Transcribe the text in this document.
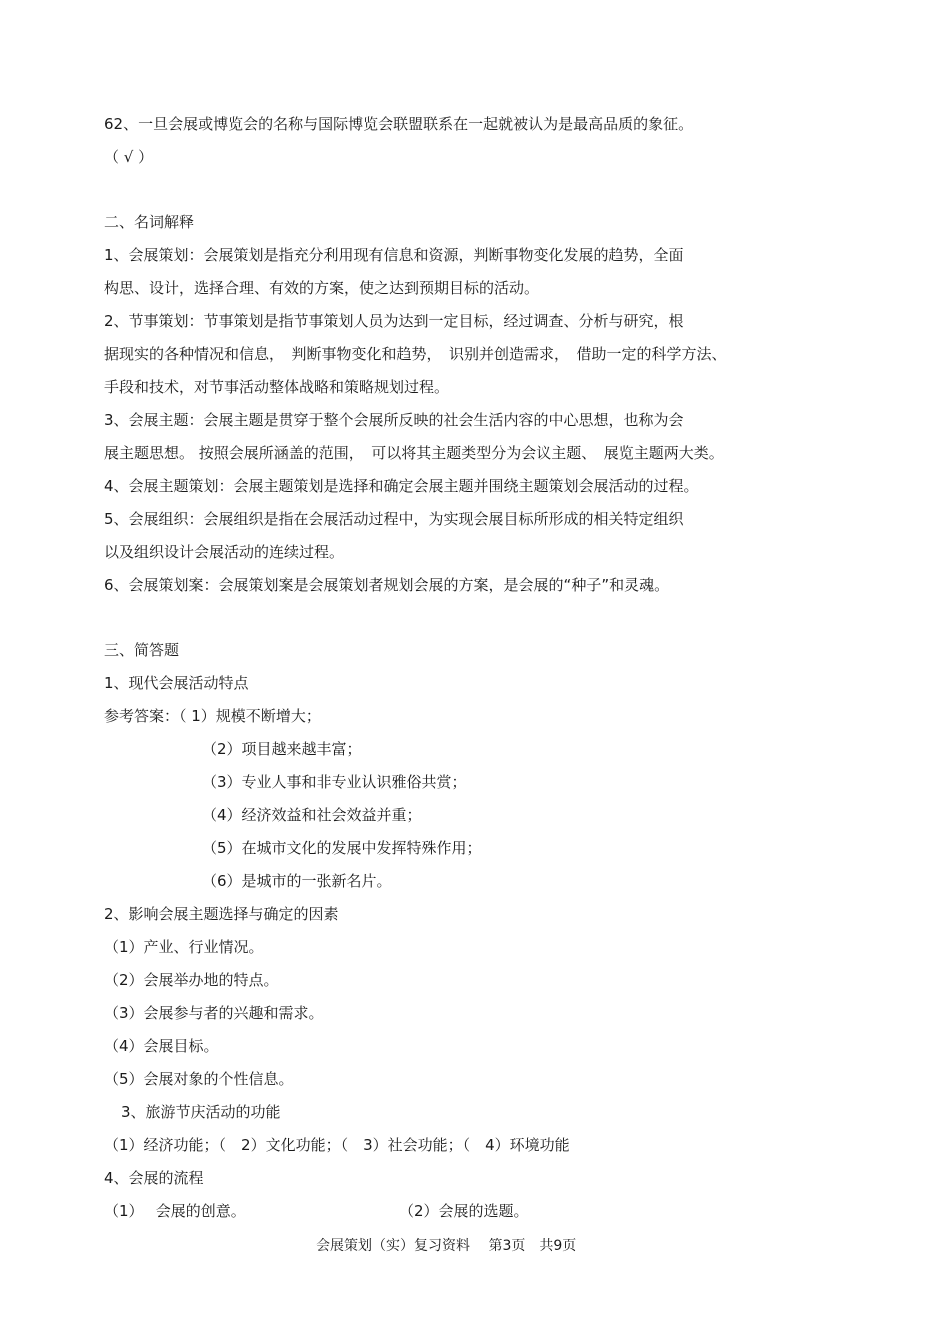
62、一旦会展或博览会的名称与国际博览会联盟联系在一起就被认为是最高品质的象征。
（ √ ）
二、名词解释
1、会展策划：会展策划是指充分利用现有信息和资源，判断事物变化发展的趋势，全面
构思、设计，选择合理、有效的方案，使之达到预期目标的活动。
2、节事策划：节事策划是指节事策划人员为达到一定目标，经过调查、分析与研究，根
据现实的各种情况和信息，　判断事物变化和趋势，　识别并创造需求，　借助一定的科学方法、
手段和技术，对节事活动整体战略和策略规划过程。
3、会展主题：会展主题是贯穿于整个会展所反映的社会生活内容的中心思想，也称为会
展主题思想。 按照会展所涵盖的范围，　可以将其主题类型分为会议主题、　展览主题两大类。
4、会展主题策划：会展主题策划是选择和确定会展主题并围绕主题策划会展活动的过程。
5、会展组织：会展组织是指在会展活动过程中，为实现会展目标所形成的相关特定组织
以及组织设计会展活动的连续过程。
6、会展策划案：会展策划案是会展策划者规划会展的方案，是会展的“种子”和灵魂。
三、简答题
1、现代会展活动特点
参考答案：（ 1）规模不断增大；
（2）项目越来越丰富；
（3）专业人事和非专业认识雅俗共赏；
（4）经济效益和社会效益并重；
（5）在城市文化的发展中发挥特殊作用；
（6）是城市的一张新名片。
2、影响会展主题选择与确定的因素
（1）产业、行业情况。
（2）会展举办地的特点。
（3）会展参与者的兴趣和需求。
（4）会展目标。
（5）会展对象的个性信息。
3、旅游节庆活动的功能
（1）经济功能；（　2）文化功能；（　3）社会功能；（　4）环境功能
4、会展的流程
（1）　 会展的创意。	（2）会展的选题。
会展策划（实）复习资料　 第3页　共9页
